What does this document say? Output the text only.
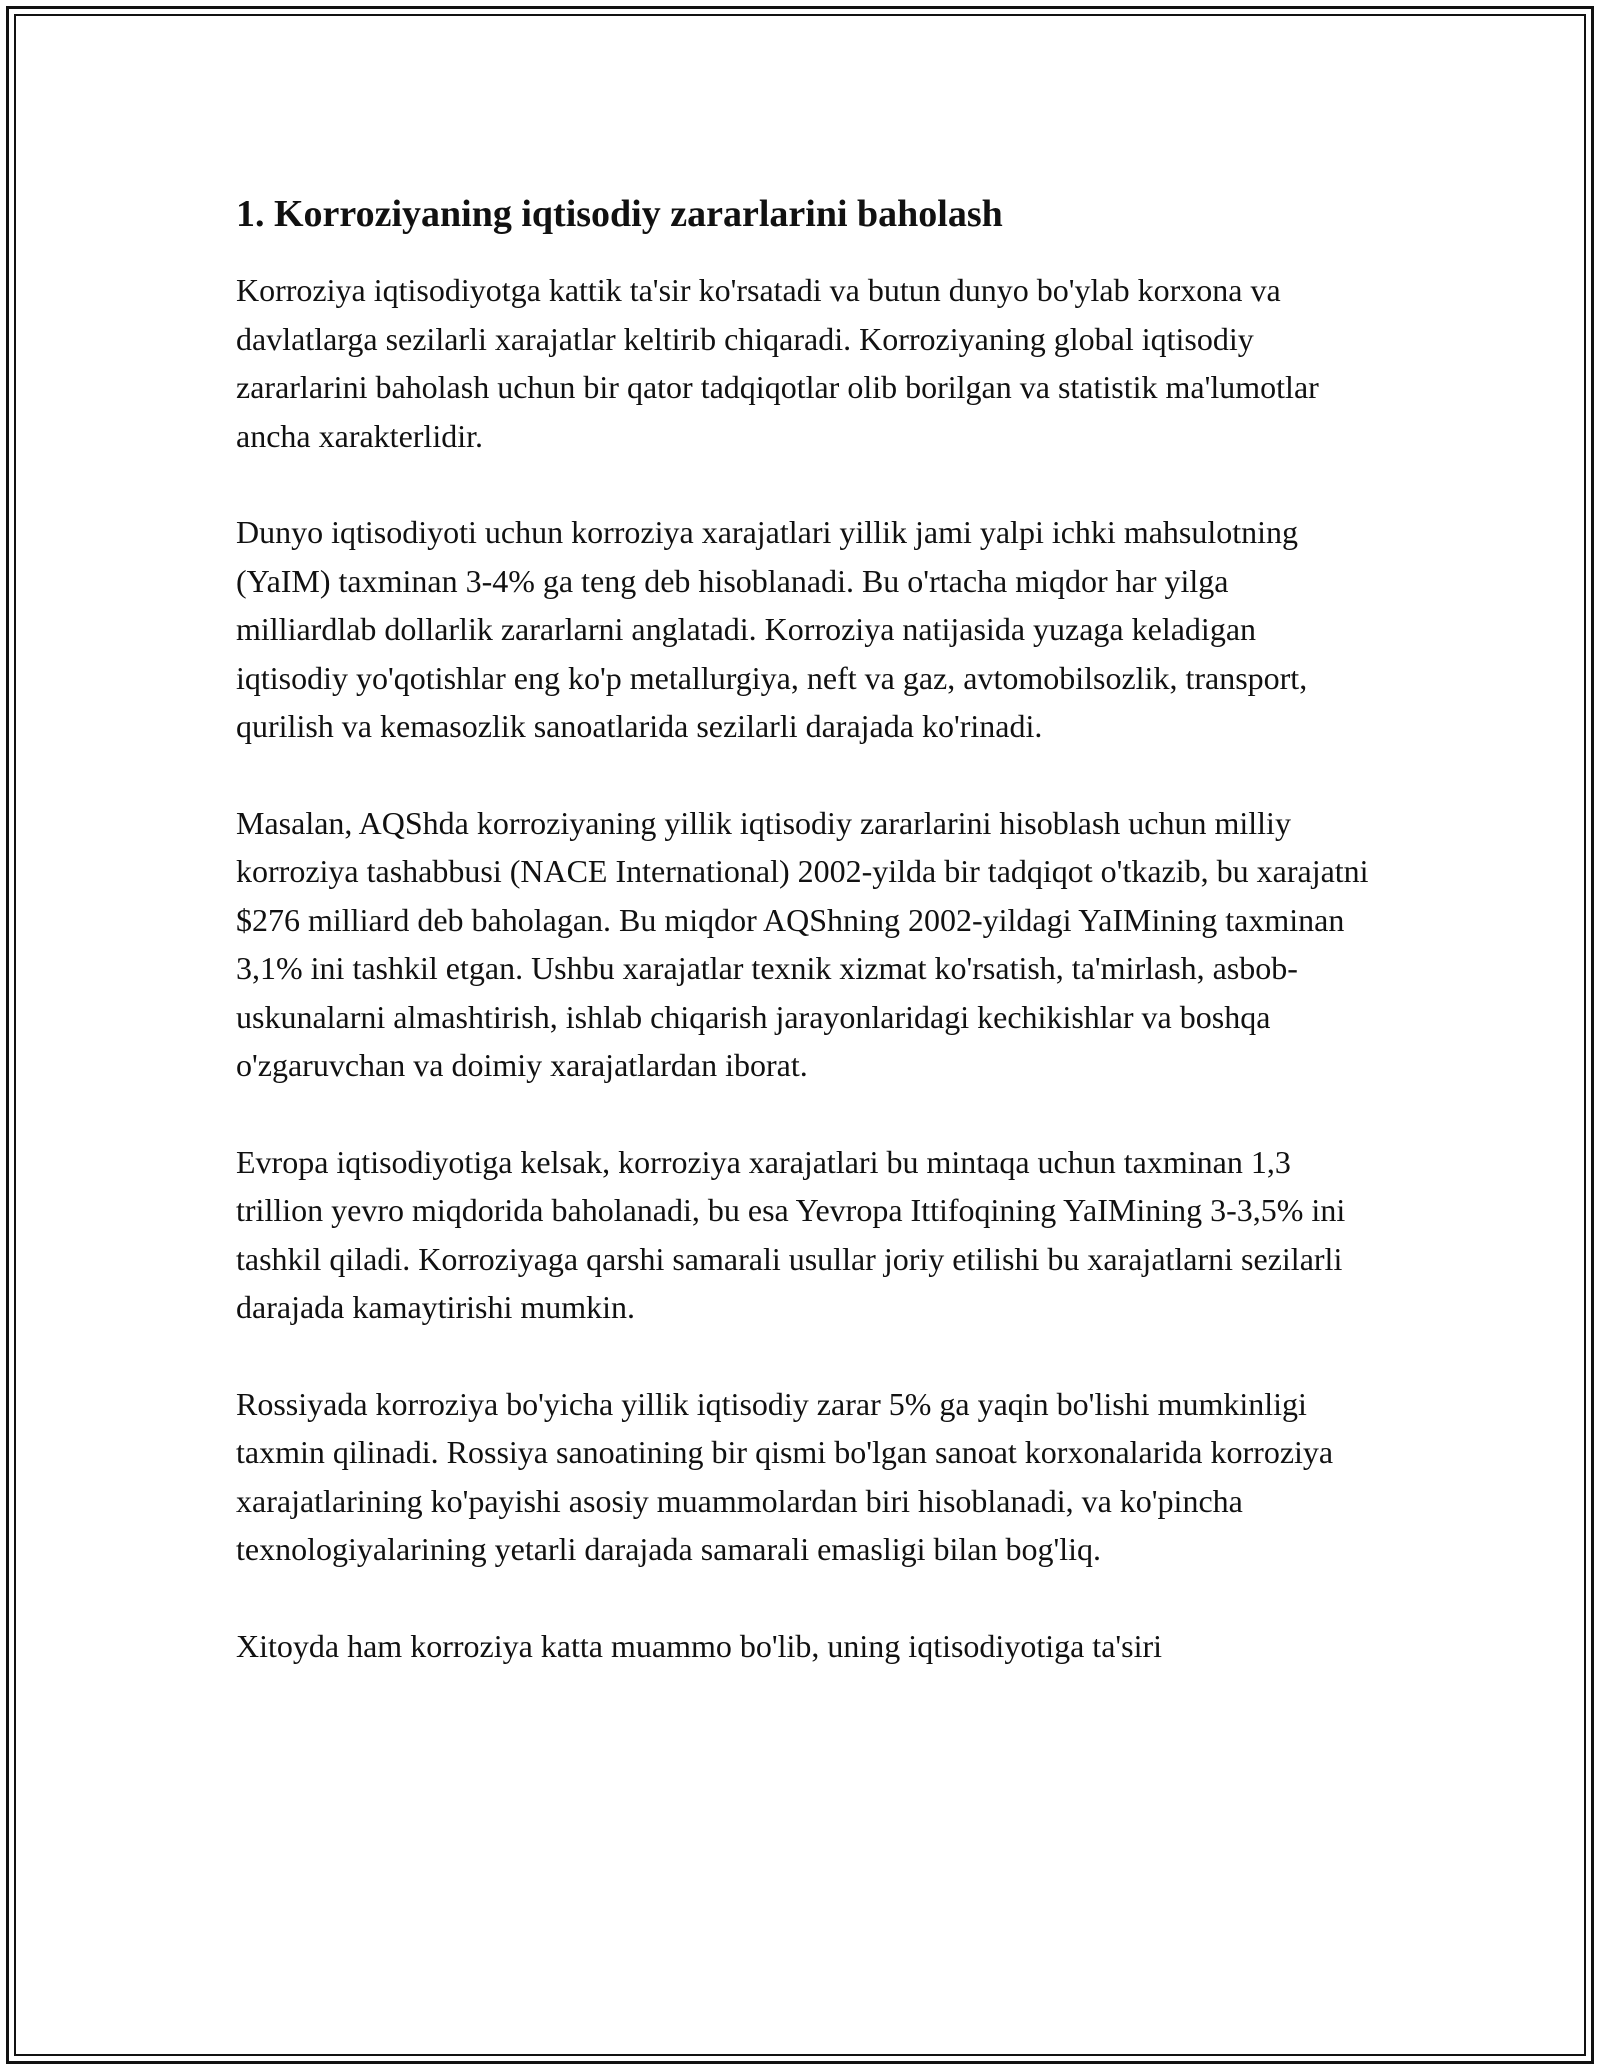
1. Korroziyaning iqtisodiy zararlarini baholash

Korroziya iqtisodiyotga kattik ta'sir ko'rsatadi va butun dunyo bo'ylab korxona va davlatlarga sezilarli xarajatlar keltirib chiqaradi. Korroziyaning global iqtisodiy zararlarini baholash uchun bir qator tadqiqotlar olib borilgan va statistik ma'lumotlar ancha xarakterlidir.

Dunyo iqtisodiyoti uchun korroziya xarajatlari yillik jami yalpi ichki mahsulotning (YaIM) taxminan 3-4% ga teng deb hisoblanadi. Bu o'rtacha miqdor har yilga milliardlab dollarlik zararlarni anglatadi. Korroziya natijasida yuzaga keladigan iqtisodiy yo'qotishlar eng ko'p metallurgiya, neft va gaz, avtomobilsozlik, transport, qurilish va kemasozlik sanoatlarida sezilarli darajada ko'rinadi.

Masalan, AQShda korroziyaning yillik iqtisodiy zararlarini hisoblash uchun milliy korroziya tashabbusi (NACE International) 2002-yilda bir tadqiqot o'tkazib, bu xarajatni $276 milliard deb baholagan. Bu miqdor AQShning 2002-yildagi YaIMining taxminan 3,1% ini tashkil etgan. Ushbu xarajatlar texnik xizmat ko'rsatish, ta'mirlash, asbob-uskunalarni almashtirish, ishlab chiqarish jarayonlaridagi kechikishlar va boshqa o'zgaruvchan va doimiy xarajatlardan iborat.

Evropa iqtisodiyotiga kelsak, korroziya xarajatlari bu mintaqa uchun taxminan 1,3 trillion yevro miqdorida baholanadi, bu esa Yevropa Ittifoqining YaIMining 3-3,5% ini tashkil qiladi. Korroziyaga qarshi samarali usullar joriy etilishi bu xarajatlarni sezilarli darajada kamaytirishi mumkin.

Rossiyada korroziya bo'yicha yillik iqtisodiy zarar 5% ga yaqin bo'lishi mumkinligi taxmin qilinadi. Rossiya sanoatining bir qismi bo'lgan sanoat korxonalarida korroziya xarajatlarining ko'payishi asosiy muammolardan biri hisoblanadi, va ko'pincha texnologiyalarining yetarli darajada samarali emasligi bilan bog'liq.

Xitoyda ham korroziya katta muammo bo'lib, uning iqtisodiyotiga ta'siri
